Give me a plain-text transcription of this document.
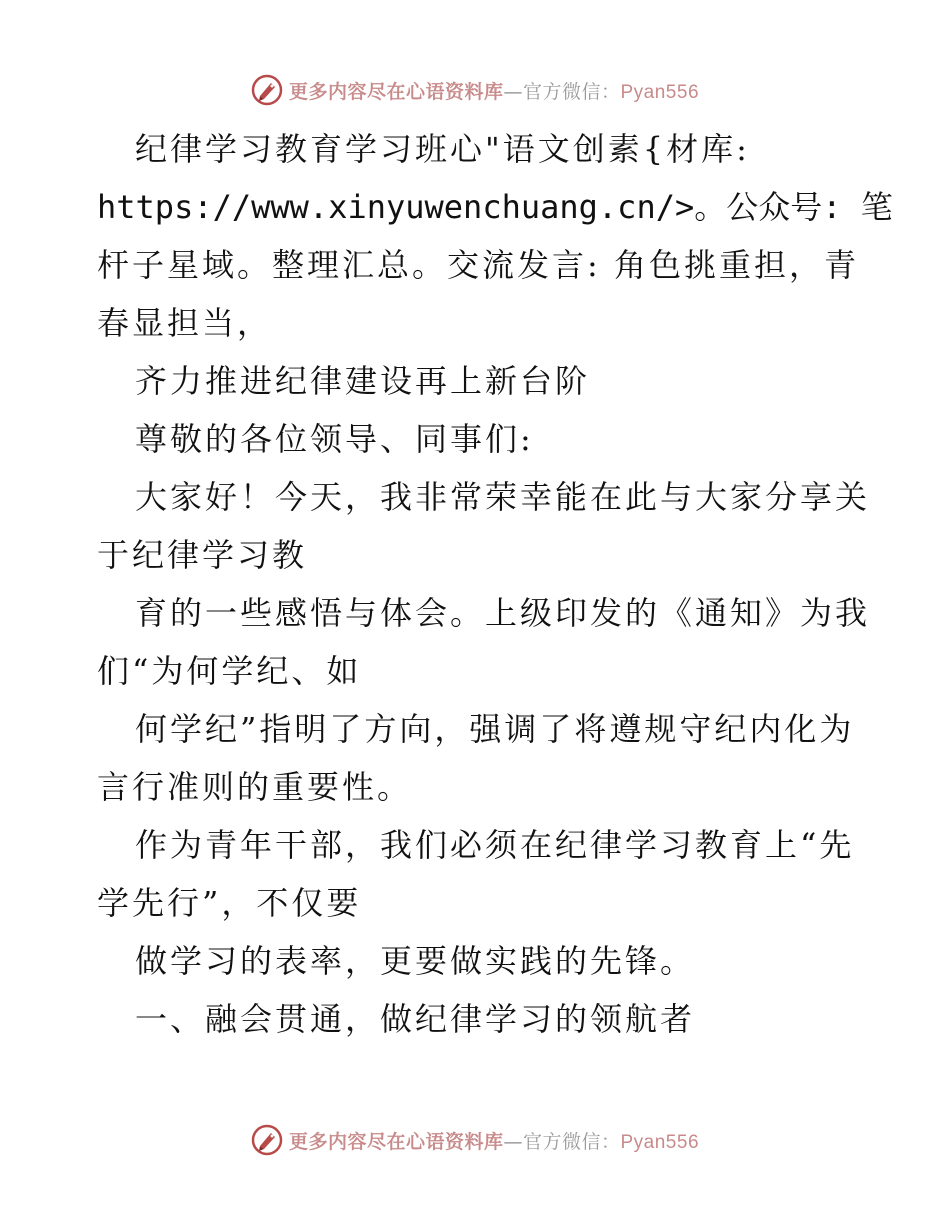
更多内容尽在心语资料库—官方微信：Pyan556
纪律学习教育学习班心"语文创素{材库:
https://www.xinyuwenchuang.cn/>。公众号: 笔
杆子星域。整理汇总。交流发言: 角色挑重担，青
春显担当，
齐力推进纪律建设再上新台阶
尊敬的各位领导、同事们:
大家好！今天，我非常荣幸能在此与大家分享关
于纪律学习教
育的一些感悟与体会。上级印发的《通知》为我
们“为何学纪、如
何学纪”指明了方向，强调了将遵规守纪内化为
言行准则的重要性。
作为青年干部，我们必须在纪律学习教育上“先
学先行”，不仅要
做学习的表率，更要做实践的先锋。
一、融会贯通，做纪律学习的领航者
更多内容尽在心语资料库—官方微信：Pyan556
